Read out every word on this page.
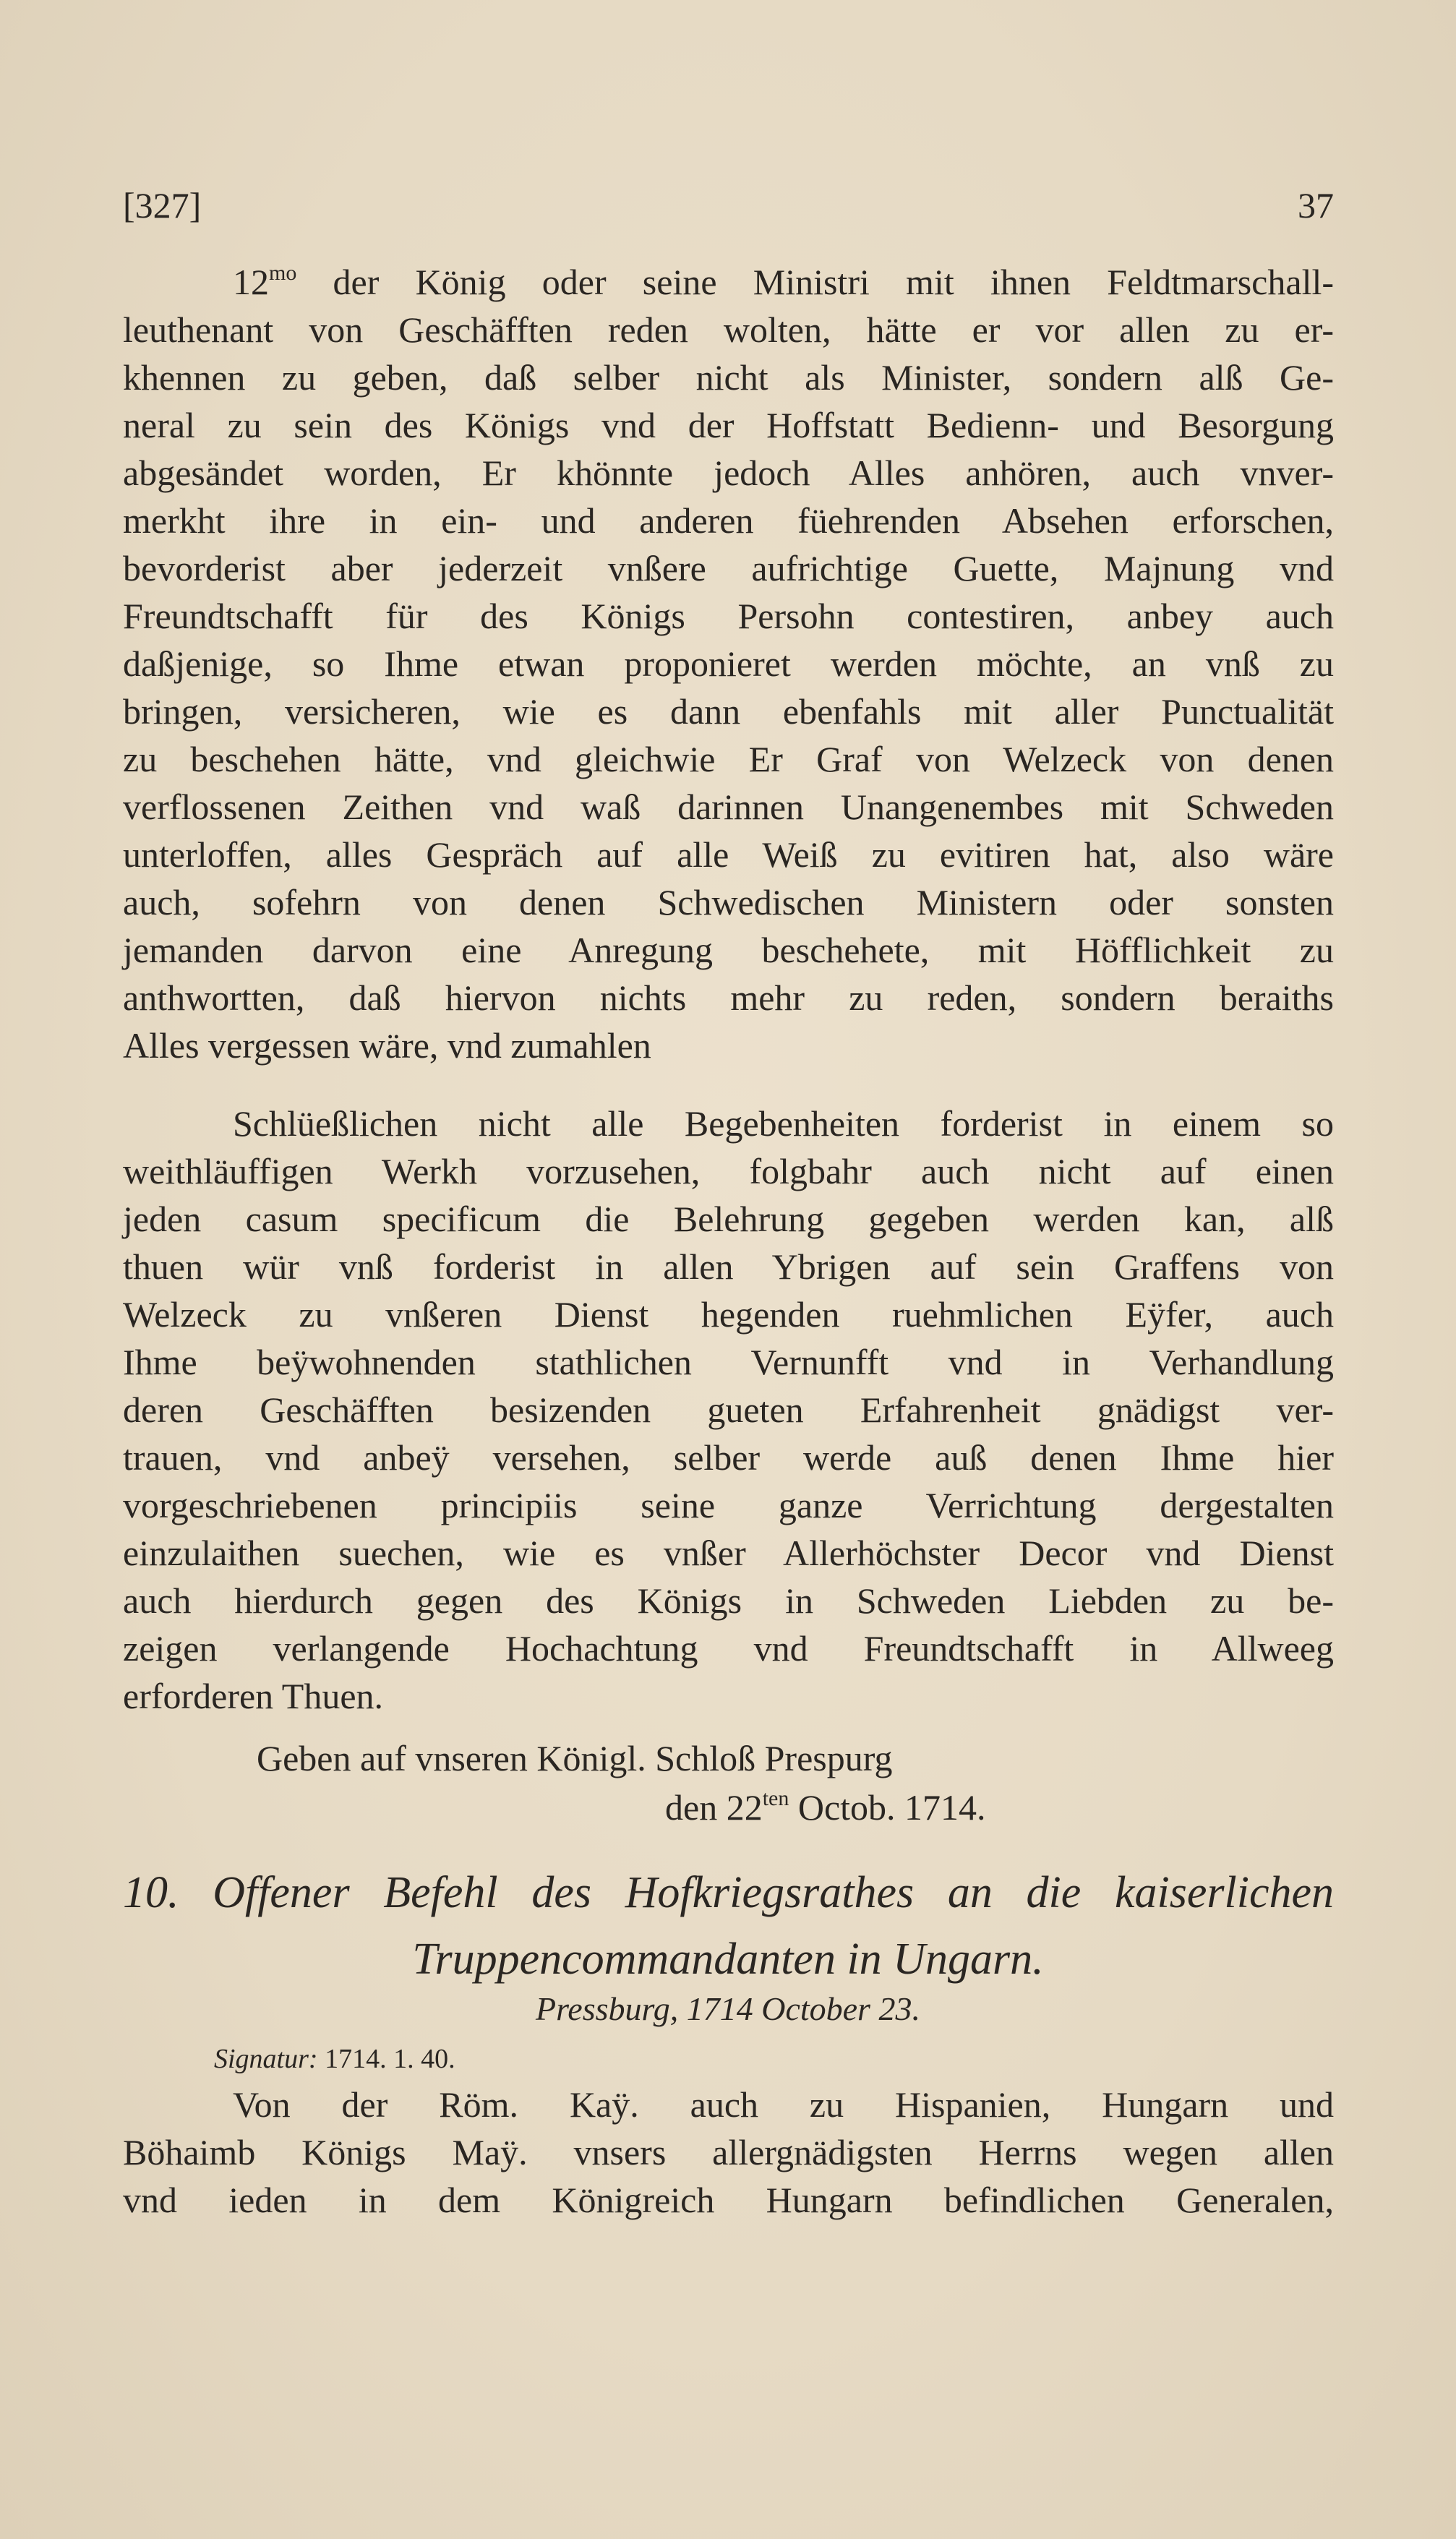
[327]	37
$12^{mo}$ der König oder seine Ministri mit ihnen Feldtmarschall-
leuthenant von Geschäfften reden wolten, hätte er vor allen zu er-
khennen zu geben, daß selber nicht als Minister, sondern alß Ge-
neral zu sein des Königs vnd der Hoffstatt Bedienn- und Besorgung
abgesändet worden, Er khönnte jedoch Alles anhören, auch vnver-
merkht ihre in ein- und anderen füehrenden Absehen erforschen,
bevorderist aber jederzeit vnßere aufrichtige Guette, Majnung vnd
Freundtschafft für des Königs Persohn contestiren, anbey auch
daßjenige, so Ihme etwan proponieret werden möchte, an vnß zu
bringen, versicheren, wie es dann ebenfahls mit aller Punctualität
zu beschehen hätte, vnd gleichwie Er Graf von Welzeck von denen
verflossenen Zeithen vnd waß darinnen Unangenembes mit Schweden
unterloffen, alles Gespräch auf alle Weiß zu evitiren hat, also wäre
auch, sofehrn von denen Schwedischen Ministern oder sonsten
jemanden darvon eine Anregung beschehete, mit Höfflichkeit zu
anthwortten, daß hiervon nichts mehr zu reden, sondern beraiths
Alles vergessen wäre, vnd zumahlen
Schlüeßlichen nicht alle Begebenheiten forderist in einem so
weithläuffigen Werkh vorzusehen, folgbahr auch nicht auf einen
jeden casum specificum die Belehrung gegeben werden kan, alß
thuen wür vnß forderist in allen Ybrigen auf sein Graffens von
Welzeck zu vnßeren Dienst hegenden ruehmlichen Eÿfer, auch
Ihme beÿwohnenden stathlichen Vernunfft vnd in Verhandlung
deren Geschäfften besizenden gueten Erfahrenheit gnädigst ver-
trauen, vnd anbeÿ versehen, selber werde auß denen Ihme hier
vorgeschriebenen principiis seine ganze Verrichtung dergestalten
einzulaithen suechen, wie es vnßer Allerhöchster Decor vnd Dienst
auch hierdurch gegen des Königs in Schweden Liebden zu be-
zeigen verlangende Hochachtung vnd Freundtschafft in Allweeg
erforderen Thuen.
Geben auf vnseren Königl. Schloß Prespurg
den $22^{ten}$ Octob. 1714.
10. Offener Befehl des Hofkriegsrathes an die kaiserlichen
Truppencommandanten in Ungarn.
Pressburg, 1714 October 23.
Signatur: 1714. 1. 40.
Von der Röm. Kaÿ. auch zu Hispanien, Hungarn und
Böhaimb Königs Maÿ. vnsers allergnädigsten Herrns wegen allen
vnd ieden in dem Königreich Hungarn befindlichen Generalen,
